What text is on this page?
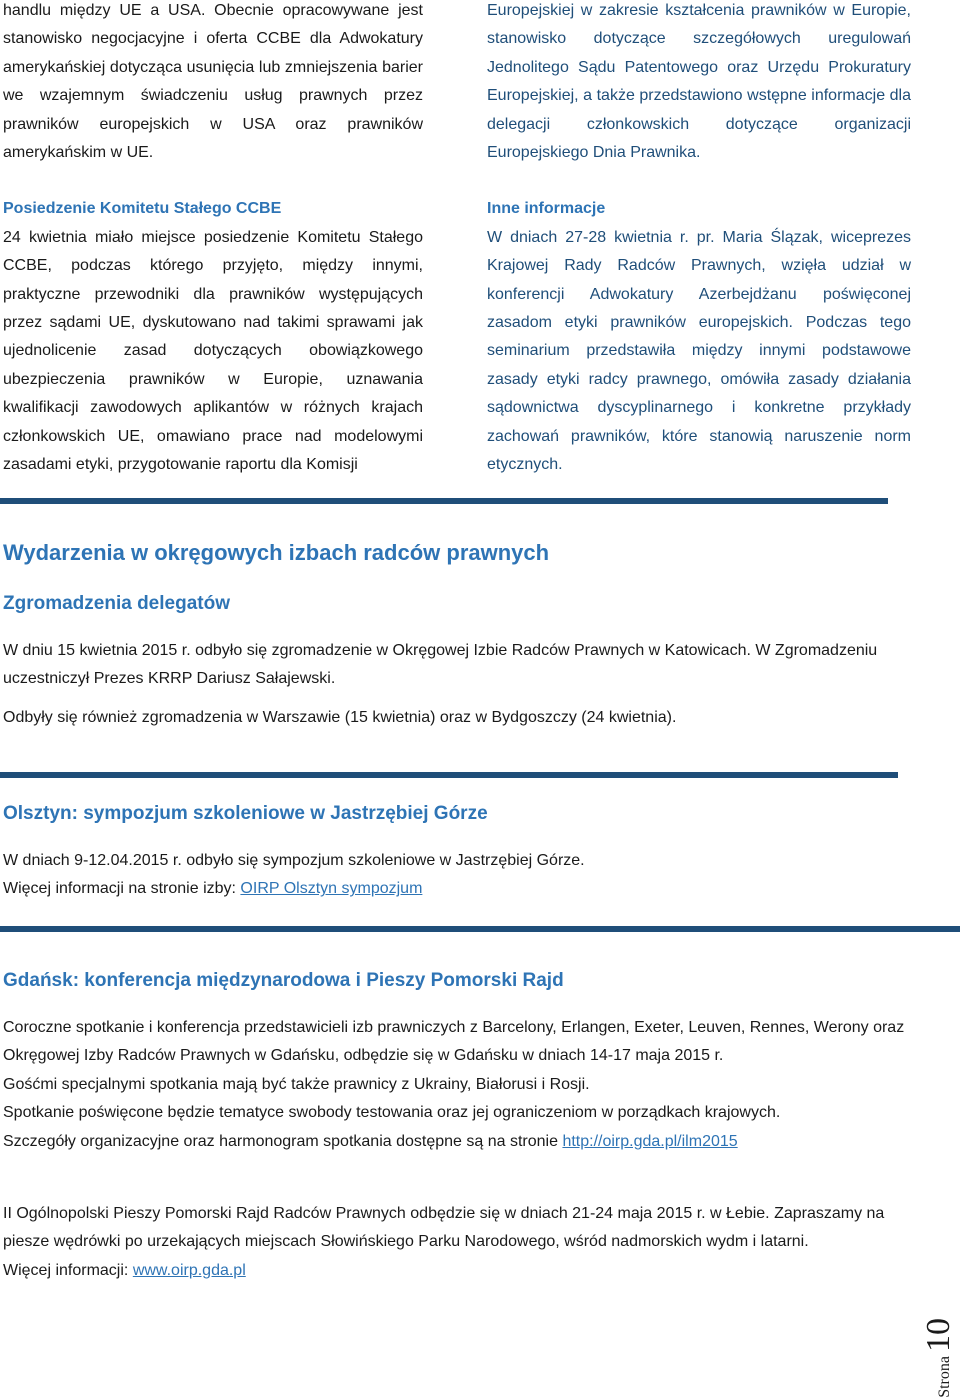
handlu między UE a USA. Obecnie opracowywane jest stanowisko negocjacyjne i oferta CCBE dla Adwokatury amerykańskiej dotycząca usunięcia lub zmniejszenia barier we wzajemnym świadczeniu usług prawnych przez prawników europejskich w USA oraz prawników amerykańskim w UE.

Posiedzenie Komitetu Stałego CCBE

24 kwietnia miało miejsce posiedzenie Komitetu Stałego CCBE, podczas którego przyjęto, między innymi, praktyczne przewodniki dla prawników występujących przez sądami UE, dyskutowano nad takimi sprawami jak ujednolicenie zasad dotyczących obowiązkowego ubezpieczenia prawników w Europie, uznawania kwalifikacji zawodowych aplikantów w różnych krajach członkowskich UE, omawiano prace nad modelowymi zasadami etyki, przygotowanie raportu dla Komisji

Europejskiej w zakresie kształcenia prawników w Europie, stanowisko dotyczące szczegółowych uregulowań Jednolitego Sądu Patentowego oraz Urzędu Prokuratury Europejskiej, a także przedstawiono wstępne informacje dla delegacji członkowskich dotyczące organizacji Europejskiego Dnia Prawnika.

Inne informacje

W dniach 27-28 kwietnia r. pr. Maria Ślązak, wiceprezes Krajowej Rady Radców Prawnych, wzięła udział w konferencji Adwokatury Azerbejdżanu poświęconej zasadom etyki prawników europejskich. Podczas tego seminarium przedstawiła między innymi podstawowe zasady etyki radcy prawnego, omówiła zasady działania sądownictwa dyscyplinarnego i konkretne przykłady zachowań prawników, które stanowią naruszenie norm etycznych.

Wydarzenia w okręgowych izbach radców prawnych
Zgromadzenia delegatów

W dniu 15 kwietnia 2015 r. odbyło się zgromadzenie w Okręgowej Izbie Radców Prawnych w Katowicach. W Zgromadzeniu uczestniczył Prezes KRRP Dariusz Sałajewski.

Odbyły się również zgromadzenia w Warszawie (15 kwietnia) oraz w Bydgoszczy (24 kwietnia).

Olsztyn: sympozjum szkoleniowe w Jastrzębiej Górze

W dniach 9-12.04.2015 r. odbyło się sympozjum szkoleniowe w Jastrzębiej Górze.

Więcej informacji na stronie izby: OIRP Olsztyn sympozjum

Gdańsk: konferencja międzynarodowa i Pieszy Pomorski Rajd

Coroczne spotkanie i konferencja przedstawicieli izb prawniczych z Barcelony, Erlangen, Exeter, Leuven, Rennes, Werony oraz Okręgowej Izby Radców Prawnych w Gdańsku, odbędzie się w Gdańsku w dniach 14-17 maja 2015 r.

Gośćmi specjalnymi spotkania mają być także prawnicy z Ukrainy, Białorusi i Rosji.

Spotkanie poświęcone będzie tematyce swobody testowania oraz jej ograniczeniom w porządkach krajowych.

Szczegóły organizacyjne oraz harmonogram spotkania dostępne są na stronie http://oirp.gda.pl/ilm2015

II Ogólnopolski Pieszy Pomorski Rajd Radców Prawnych odbędzie się w dniach 21-24 maja 2015 r. w Łebie. Zapraszamy na piesze wędrówki po urzekających miejscach Słowińskiego Parku Narodowego, wśród nadmorskich wydm i latarni.

Więcej informacji: www.oirp.gda.pl

Strona 10
